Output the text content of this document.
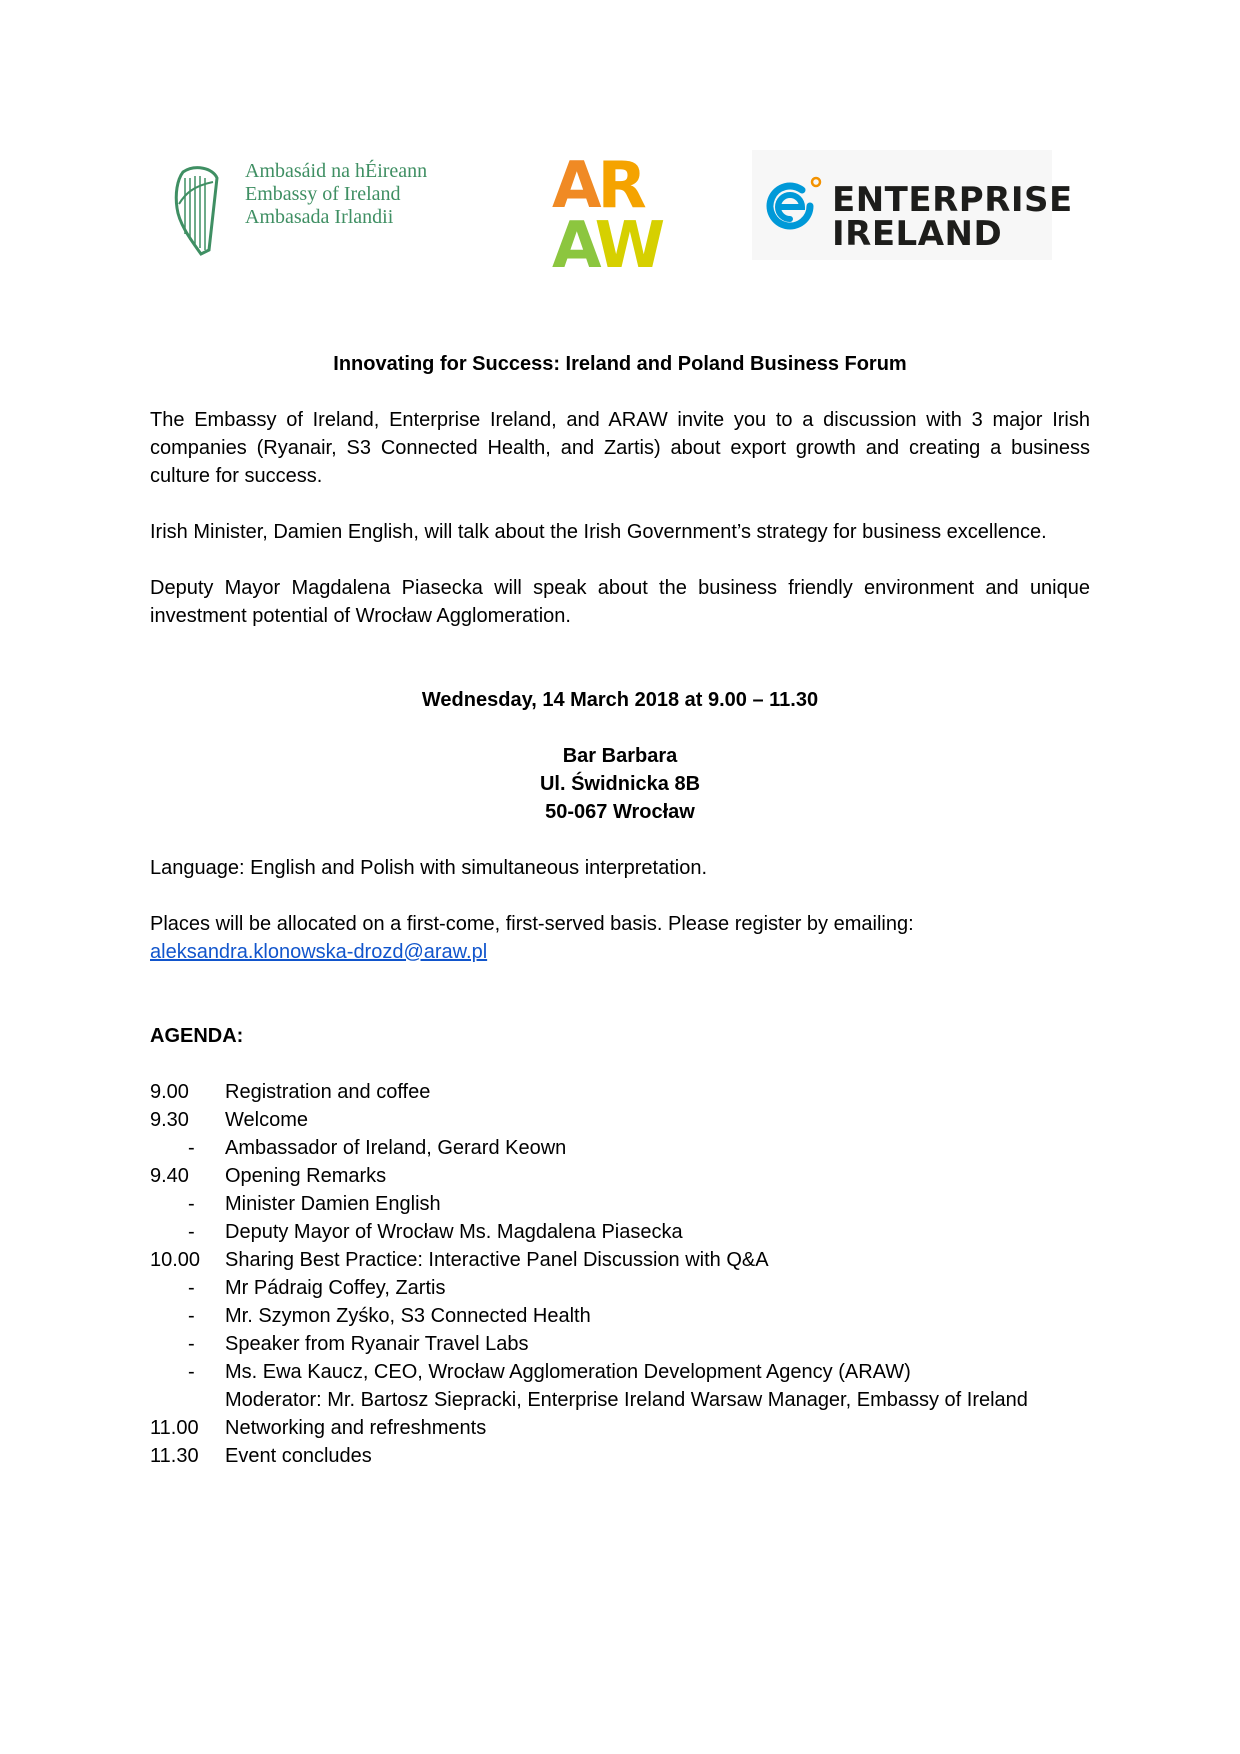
Ambasáid na hÉireann
Embassy of Ireland
Ambasada Irlandii	AR
AW
ENTERPRISE
IRELAND

Innovating for Success: Ireland and Poland Business Forum

The Embassy of Ireland, Enterprise Ireland, and ARAW invite you to a discussion with 3 major Irish companies (Ryanair, S3 Connected Health, and Zartis) about export growth and creating a business culture for success.

Irish Minister, Damien English, will talk about the Irish Government’s strategy for business excellence.

Deputy Mayor Magdalena Piasecka will speak about the business friendly environment and unique investment potential of Wrocław Agglomeration.

Wednesday, 14 March 2018 at 9.00 – 11.30

Bar Barbara

Ul. Świdnicka 8B

50-067 Wrocław

Language: English and Polish with simultaneous interpretation.

Places will be allocated on a first-come, first-served basis. Please register by emailing:
aleksandra.klonowska-drozd@araw.pl

AGENDA:

9.00	Registration and coffee
9.30	Welcome
-	Ambassador of Ireland, Gerard Keown
9.40	Opening Remarks
-	Minister Damien English
-	Deputy Mayor of Wrocław Ms. Magdalena Piasecka
10.00	Sharing Best Practice: Interactive Panel Discussion with Q&A
-	Mr Pádraig Coffey, Zartis
-	Mr. Szymon Zyśko, S3 Connected Health
-	Speaker from Ryanair Travel Labs
-	Ms. Ewa Kaucz, CEO, Wrocław Agglomeration Development Agency (ARAW)
Moderator: Mr. Bartosz Siepracki, Enterprise Ireland Warsaw Manager, Embassy of Ireland
11.00	Networking and refreshments
11.30	Event concludes
